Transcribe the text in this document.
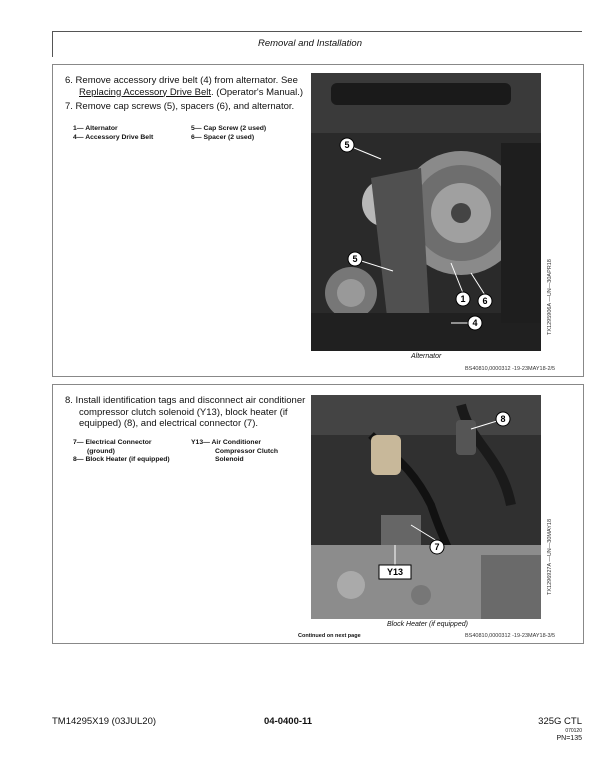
Removal and Installation
6. Remove accessory drive belt (4) from alternator. See
Replacing Accessory Drive Belt. (Operator's Manual.)
7. Remove cap screws (5), spacers (6), and alternator.
1— Alternator
4— Accessory Drive Belt
5— Cap Screw (2 used)
6— Spacer (2 used)
5
5
1 6
4	TX1295906A —UN—30APR18
Alternator
BS40810,0000312 -19-23MAY18-2/5
8. Install identification tags and disconnect air conditioner
compressor clutch solenoid (Y13), block heater (if
equipped) (8), and electrical connector (7).
7— Electrical Connector
(ground)
8— Block Heater (if equipped)
Y13— Air Conditioner
Compressor Clutch
Solenoid
8
7
Y13	TX1296927A —UN—30MAY18
Block Heater (if equipped)
Continued on next page	BS40810,0000312 -19-23MAY18-3/5
TM14295X19 (03JUL20)	04-0400-11	325G CTL
070120
PN=135
